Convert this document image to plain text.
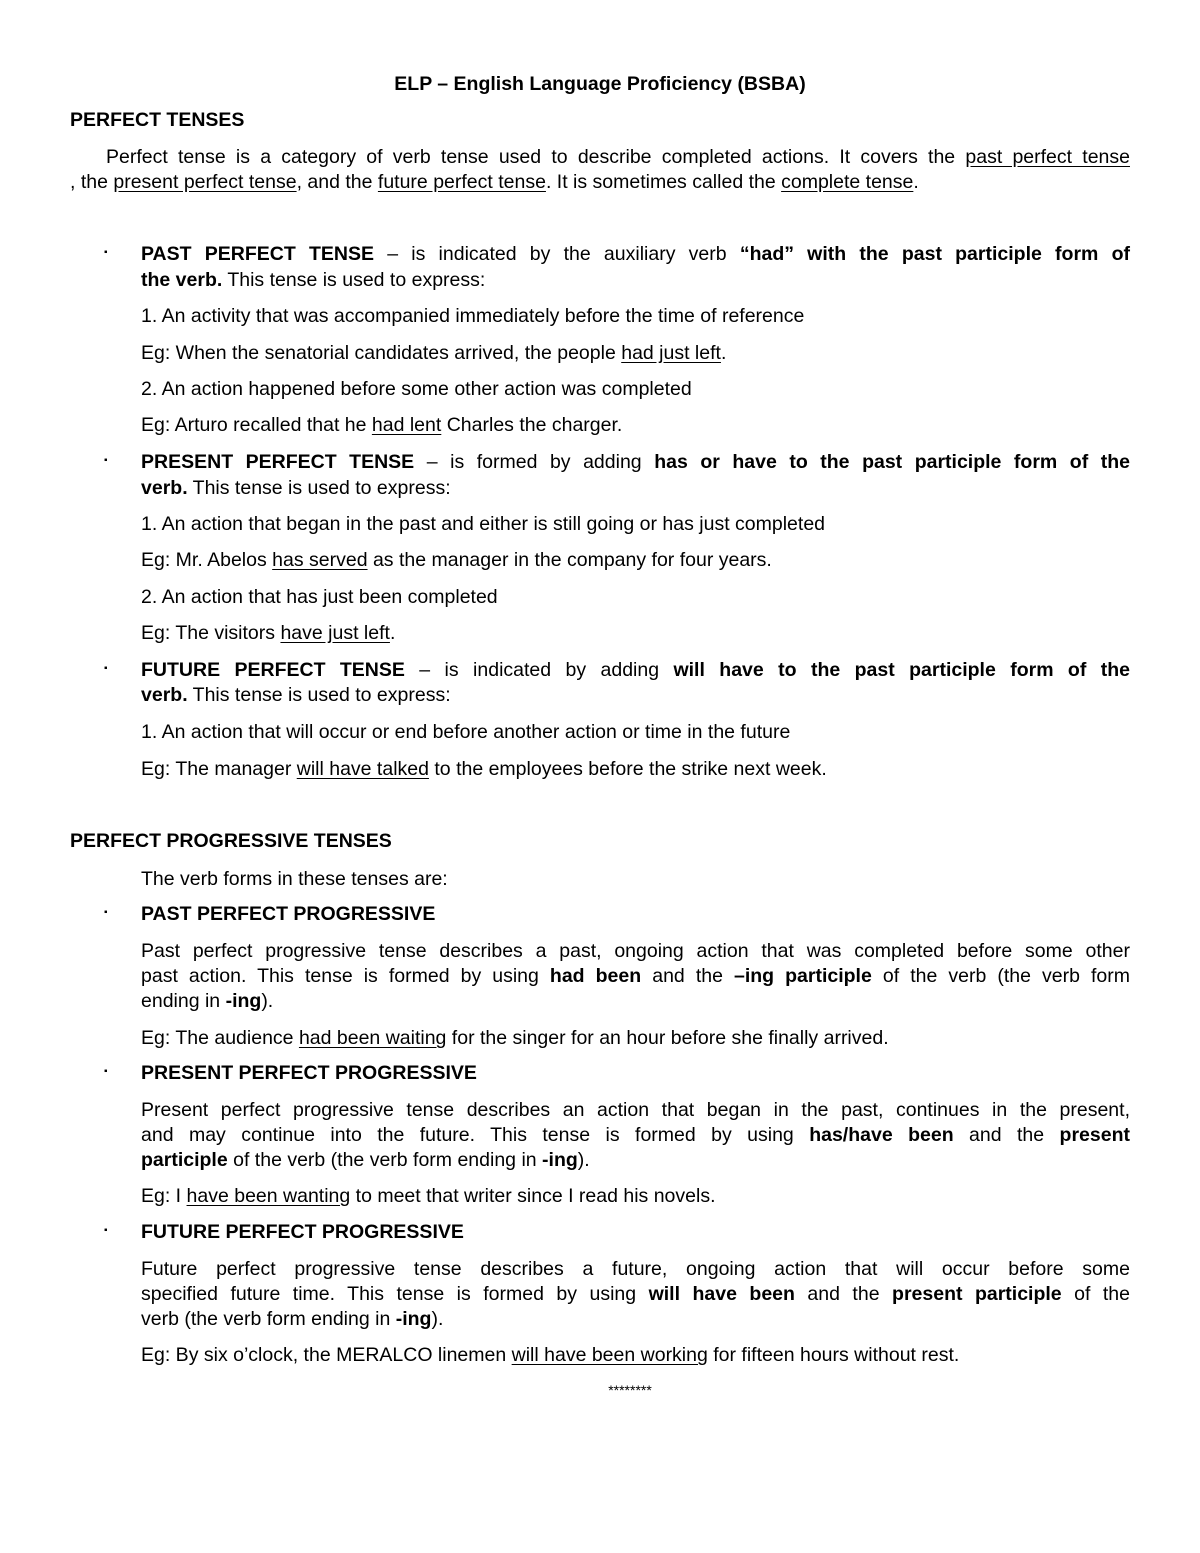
ELP – English Language Proficiency (BSBA)
PERFECT TENSES
Perfect tense is a category of verb tense used to describe completed actions. It covers the past perfect tense
, the present perfect tense, and the future perfect tense. It is sometimes called the complete tense.
▪ PAST PERFECT TENSE – is indicated by the auxiliary verb “had” with the past participle form of
the verb. This tense is used to express:
1. An activity that was accompanied immediately before the time of reference
Eg: When the senatorial candidates arrived, the people had just left.
2. An action happened before some other action was completed
Eg: Arturo recalled that he had lent Charles the charger.
▪ PRESENT PERFECT TENSE – is formed by adding has or have to the past participle form of the
verb. This tense is used to express:
1. An action that began in the past and either is still going or has just completed
Eg: Mr. Abelos has served as the manager in the company for four years.
2. An action that has just been completed
Eg: The visitors have just left.
▪ FUTURE PERFECT TENSE – is indicated by adding will have to the past participle form of the
verb. This tense is used to express:
1. An action that will occur or end before another action or time in the future
Eg: The manager will have talked to the employees before the strike next week.
PERFECT PROGRESSIVE TENSES
The verb forms in these tenses are:
▪ PAST PERFECT PROGRESSIVE
Past perfect progressive tense describes a past, ongoing action that was completed before some other
past action. This tense is formed by using had been and the –ing participle of the verb (the verb form
ending in -ing).
Eg: The audience had been waiting for the singer for an hour before she finally arrived.
▪ PRESENT PERFECT PROGRESSIVE
Present perfect progressive tense describes an action that began in the past, continues in the present,
and may continue into the future. This tense is formed by using has/have been and the present
participle of the verb (the verb form ending in -ing).
Eg: I have been wanting to meet that writer since I read his novels.
▪ FUTURE PERFECT PROGRESSIVE
Future perfect progressive tense describes a future, ongoing action that will occur before some
specified future time. This tense is formed by using will have been and the present participle of the
verb (the verb form ending in -ing).
Eg: By six o’clock, the MERALCO linemen will have been working for fifteen hours without rest.
********
